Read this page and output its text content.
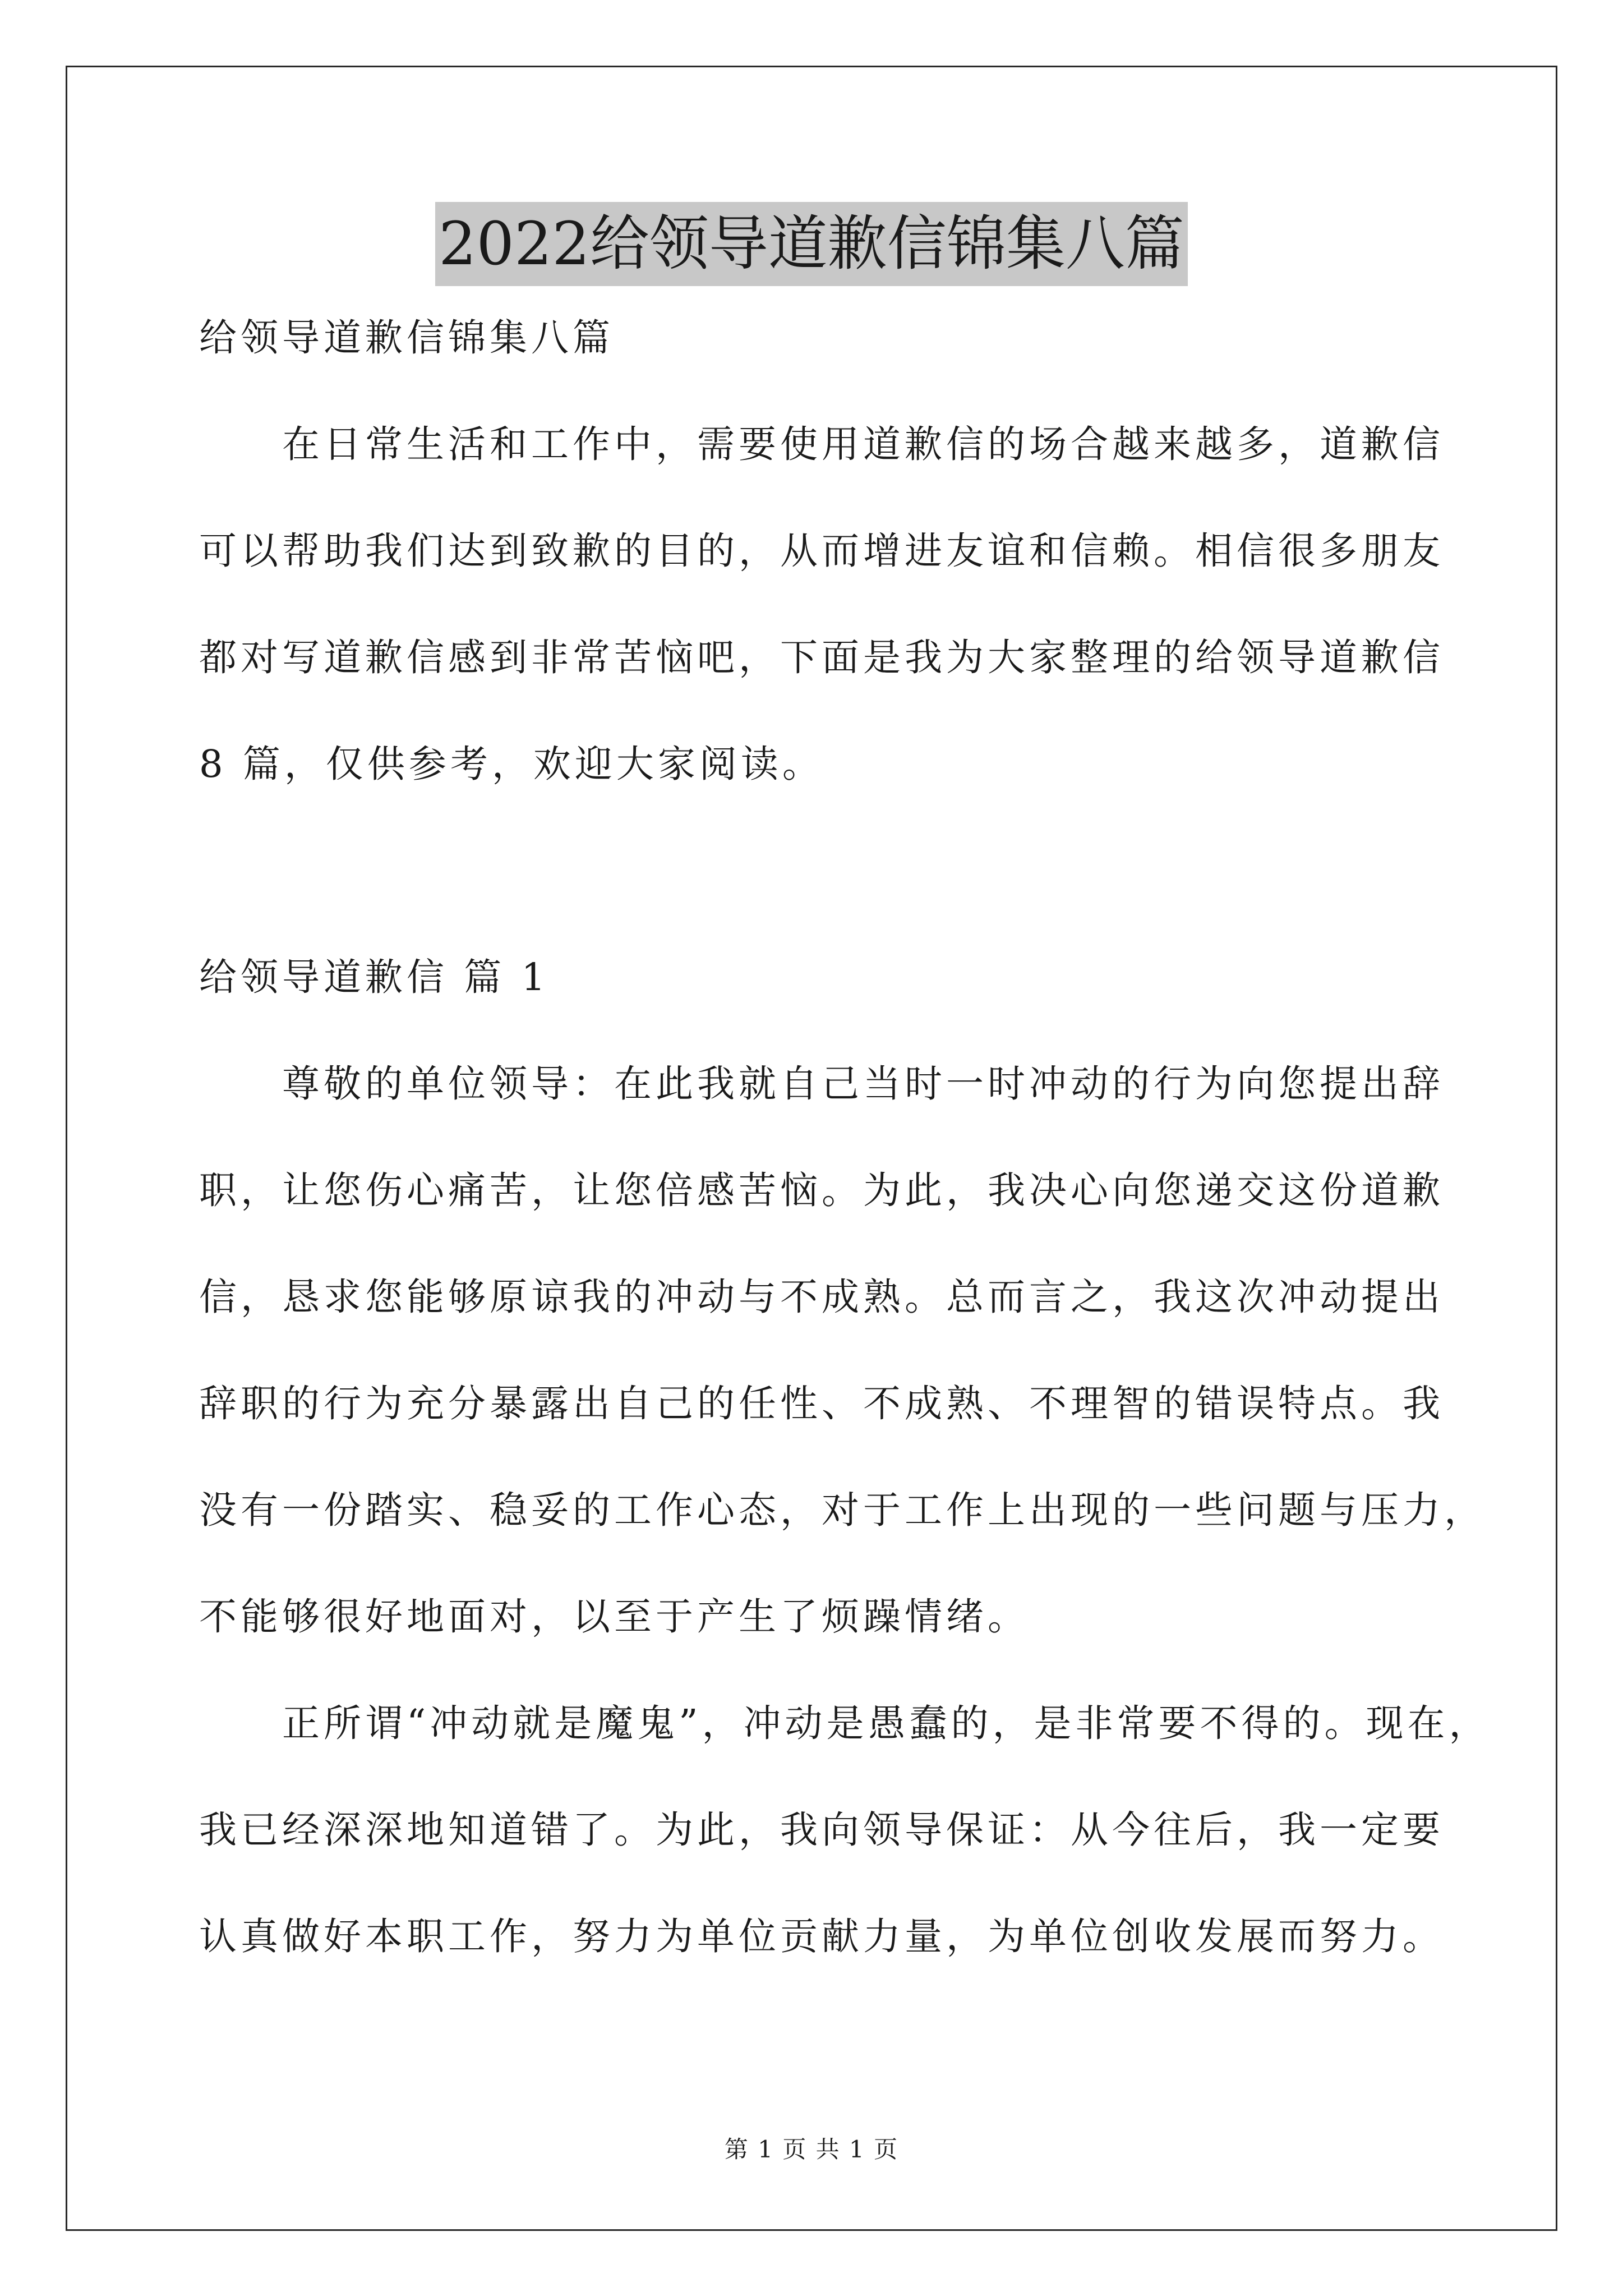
2022给领导道歉信锦集八篇

给领导道歉信锦集八篇

在日常生活和工作中，需要使用道歉信的场合越来越多，道歉信

可以帮助我们达到致歉的目的，从而增进友谊和信赖。相信很多朋友

都对写道歉信感到非常苦恼吧，下面是我为大家整理的给领导道歉信

8 篇，仅供参考，欢迎大家阅读。

给领导道歉信 篇 1

尊敬的单位领导：在此我就自己当时一时冲动的行为向您提出辞

职，让您伤心痛苦，让您倍感苦恼。为此，我决心向您递交这份道歉

信，恳求您能够原谅我的冲动与不成熟。总而言之，我这次冲动提出

辞职的行为充分暴露出自己的任性、不成熟、不理智的错误特点。我

没有一份踏实、稳妥的工作心态，对于工作上出现的一些问题与压力，

不能够很好地面对，以至于产生了烦躁情绪。

正所谓“冲动就是魔鬼”，冲动是愚蠢的，是非常要不得的。现在，

我已经深深地知道错了。为此，我向领导保证：从今往后，我一定要

认真做好本职工作，努力为单位贡献力量，为单位创收发展而努力。

第 1 页 共 1 页
